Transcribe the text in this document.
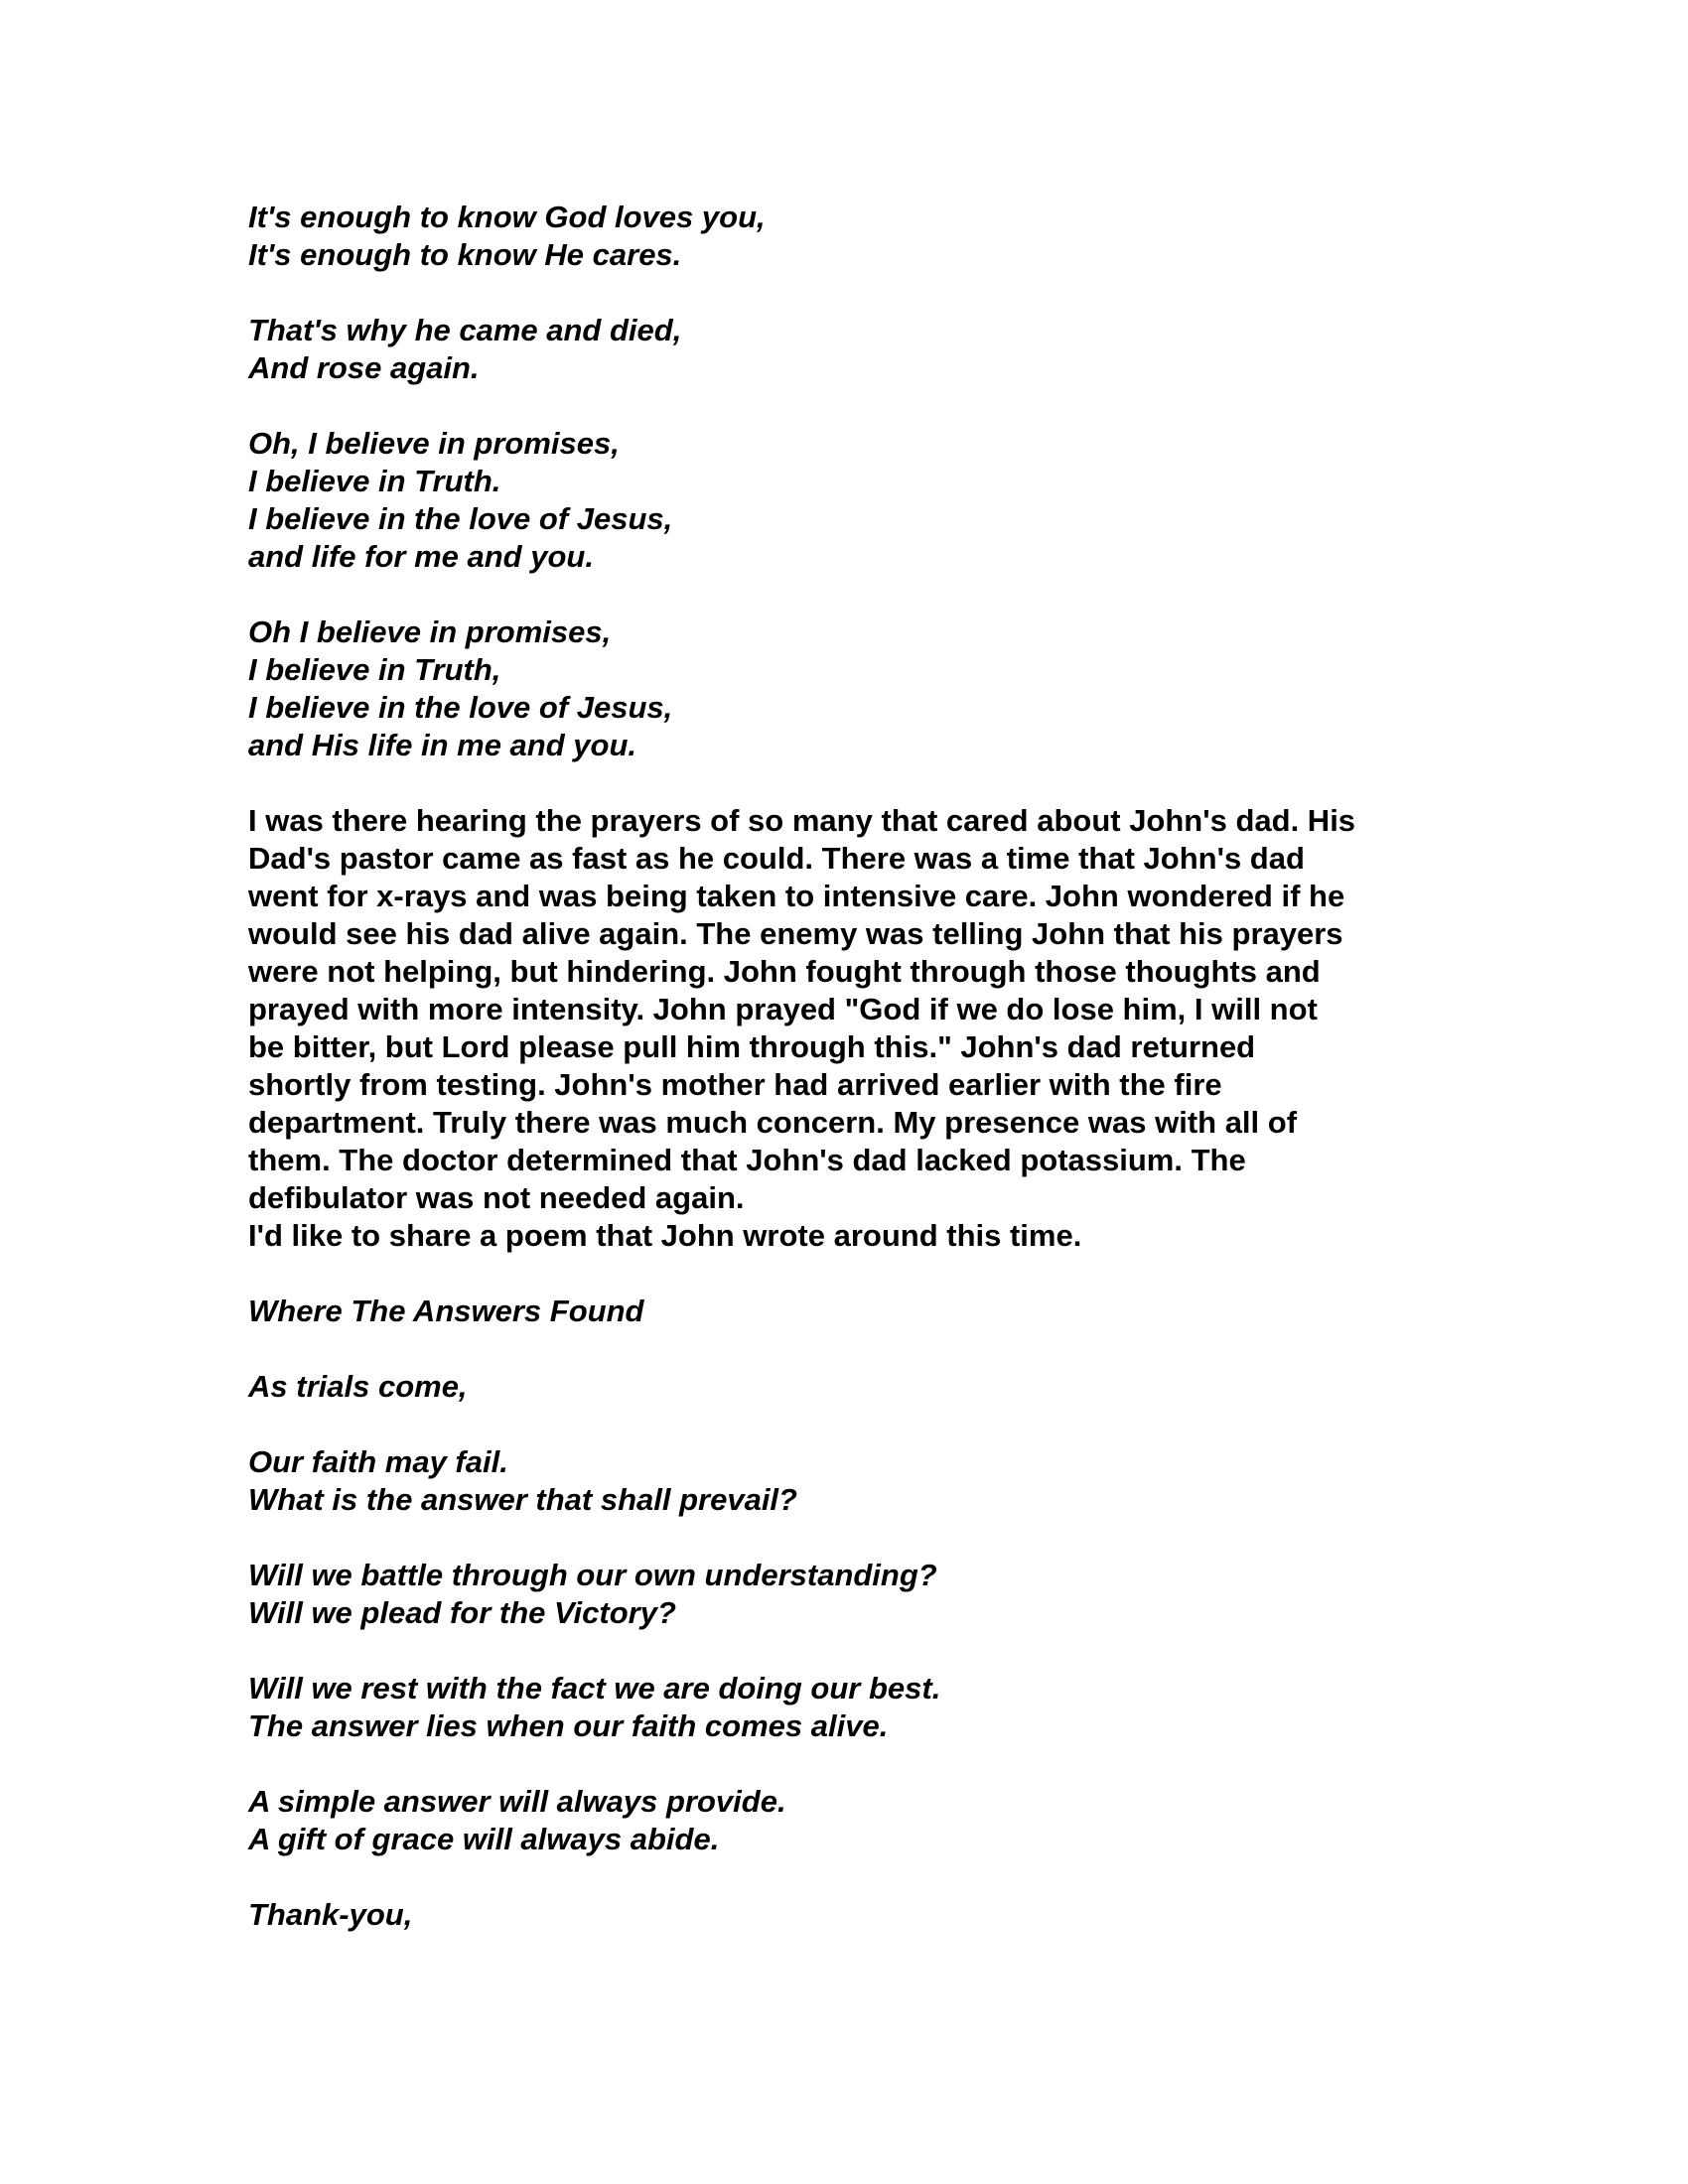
It's enough to know God loves you,
It's enough to know He cares.
That's why he came and died,
And rose again.
Oh, I believe in promises,
I believe in Truth.
I believe in the love of Jesus,
and life for me and you.
Oh I believe in promises,
I believe in Truth,
I believe in the love of Jesus,
and His life in me and you.
I was there hearing the prayers of so many that cared about John's dad. His
Dad's pastor came as fast as he could. There was a time that John's dad
went for x-rays and was being taken to intensive care. John wondered if he
would see his dad alive again. The enemy was telling John that his prayers
were not helping, but hindering. John fought through those thoughts and
prayed with more intensity. John prayed "God if we do lose him, I will not
be bitter, but Lord please pull him through this." John's dad returned
shortly from testing. John's mother had arrived earlier with the fire
department. Truly there was much concern. My presence was with all of
them. The doctor determined that John's dad lacked potassium. The
defibulator was not needed again.
I'd like to share a poem that John wrote around this time.
Where The Answers Found
As trials come,
Our faith may fail.
What is the answer that shall prevail?
Will we battle through our own understanding?
Will we plead for the Victory?
Will we rest with the fact we are doing our best.
The answer lies when our faith comes alive.
A simple answer will always provide.
A gift of grace will always abide.
Thank-you,
